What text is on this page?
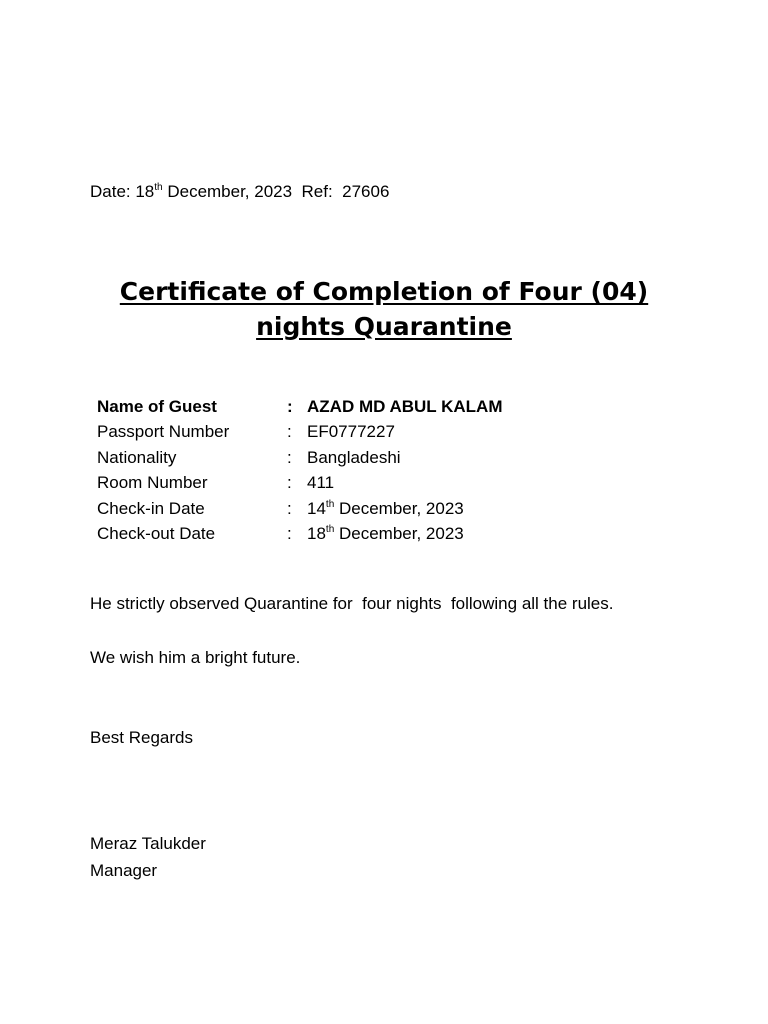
Date: 18th December, 2023  Ref:  27606
Certificate of Completion of Four (04)
nights Quarantine
Name of Guest	: AZAD MD ABUL KALAM
Passport Number	: EF0777227
Nationality	: Bangladeshi
Room Number	: 411
Check-in Date	: 14th December, 2023
Check-out Date	: 18th December, 2023
He strictly observed Quarantine for  four nights  following all the rules.
We wish him a bright future.
Best Regards
Meraz Talukder
Manager
